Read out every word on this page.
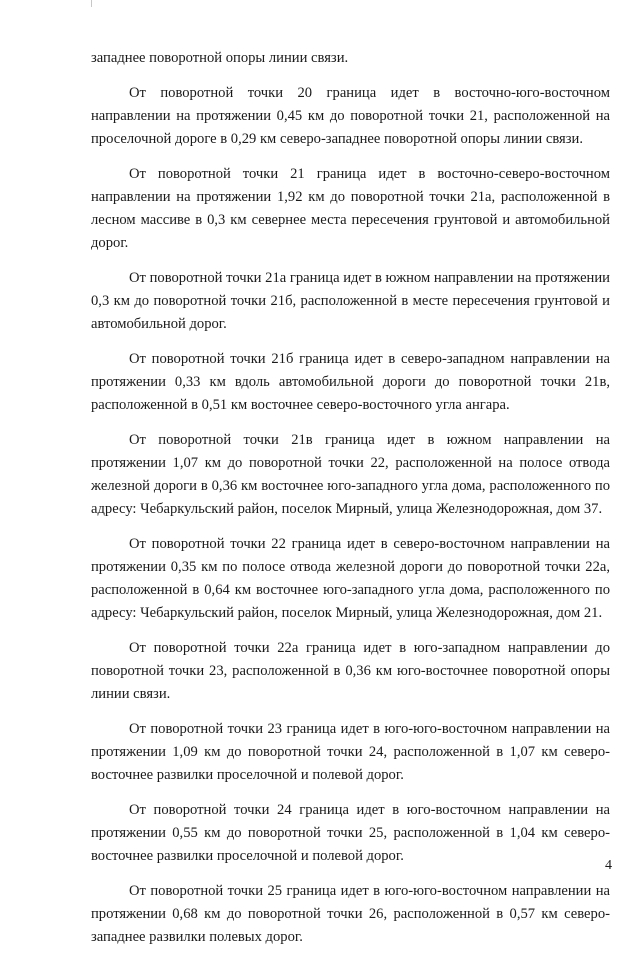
западнее поворотной опоры линии связи.

От поворотной точки 20 граница идет в восточно-юго-восточном направлении на протяжении 0,45 км до поворотной точки 21, расположенной на проселочной дороге в 0,29 км северо-западнее поворотной опоры линии связи.

От поворотной точки 21 граница идет в восточно-северо-восточном направлении на протяжении 1,92 км до поворотной точки 21а, расположенной в лесном массиве в 0,3 км севернее места пересечения грунтовой и автомобильной дорог.

От поворотной точки 21а граница идет в южном направлении на протяжении 0,3 км до поворотной точки 21б, расположенной в месте пересечения грунтовой и автомобильной дорог.

От поворотной точки 21б граница идет в северо-западном направлении на протяжении 0,33 км вдоль автомобильной дороги до поворотной точки 21в, расположенной в 0,51 км восточнее северо-восточного угла ангара.

От поворотной точки 21в граница идет в южном направлении на протяжении 1,07 км до поворотной точки 22, расположенной на полосе отвода железной дороги в 0,36 км восточнее юго-западного угла дома, расположенного по адресу: Чебаркульский район, поселок Мирный, улица Железнодорожная, дом 37.

От поворотной точки 22 граница идет в северо-восточном направлении на протяжении 0,35 км по полосе отвода железной дороги до поворотной точки 22а, расположенной в 0,64 км восточнее юго-западного угла дома, расположенного по адресу: Чебаркульский район, поселок Мирный, улица Железнодорожная, дом 21.

От поворотной точки 22а граница идет в юго-западном направлении до поворотной точки 23, расположенной в 0,36 км юго-восточнее поворотной опоры линии связи.

От поворотной точки 23 граница идет в юго-юго-восточном направлении на протяжении 1,09 км до поворотной точки 24, расположенной в 1,07 км северо-восточнее развилки проселочной и полевой дорог.

От поворотной точки 24 граница идет в юго-восточном направлении на протяжении 0,55 км до поворотной точки 25, расположенной в 1,04 км северо-восточнее развилки проселочной и полевой дорог.

От поворотной точки 25 граница идет в юго-юго-восточном направлении на протяжении 0,68 км до поворотной точки 26, расположенной в 0,57 км северо-западнее развилки полевых дорог.

4
